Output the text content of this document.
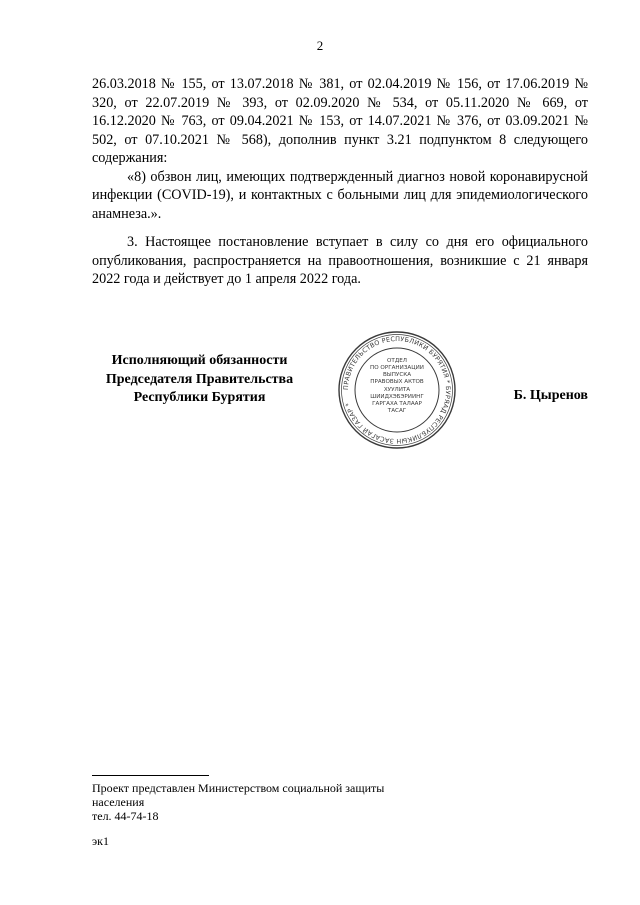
2

26.03.2018 № 155, от 13.07.2018 № 381, от 02.04.2019 № 156, от 17.06.2019 № 320, от 22.07.2019 № 393, от 02.09.2020 № 534, от 05.11.2020 № 669, от 16.12.2020 № 763, от 09.04.2021 № 153, от 14.07.2021 № 376, от 03.09.2021 № 502, от 07.10.2021 № 568), дополнив пункт 3.21 подпунктом 8 следующего содержания:

«8) обзвон лиц, имеющих подтвержденный диагноз новой коронавирусной инфекции (COVID-19), и контактных с больными лиц для эпидемиологического анамнеза.».

3. Настоящее постановление вступает в силу со дня его официального опубликования, распространяется на правоотношения, возникшие с 21 января 2022 года и действует до 1 апреля 2022 года.

Исполняющий обязанности
Председателя Правительства
Республики Бурятия
ПРАВИТЕЛЬСТВО РЕСПУБЛИКИ БУРЯТИЯ * БУРЯАД РЕСПУБЛИКЫН ЗАСАГАЙ ГАЗАР *
ОТДЕЛ
ПО ОРГАНИЗАЦИИ
ВЫПУСКА
ПРАВОВЫХ АКТОВ
ХУУЛИТА
ШИИДХЭБЭРИИНГ
ГАРГАХА ТАЛААР
ТАСАГ
Б. Цыренов
Проект представлен Министерством социальной защиты
населения
тел. 44-74-18
эк1
